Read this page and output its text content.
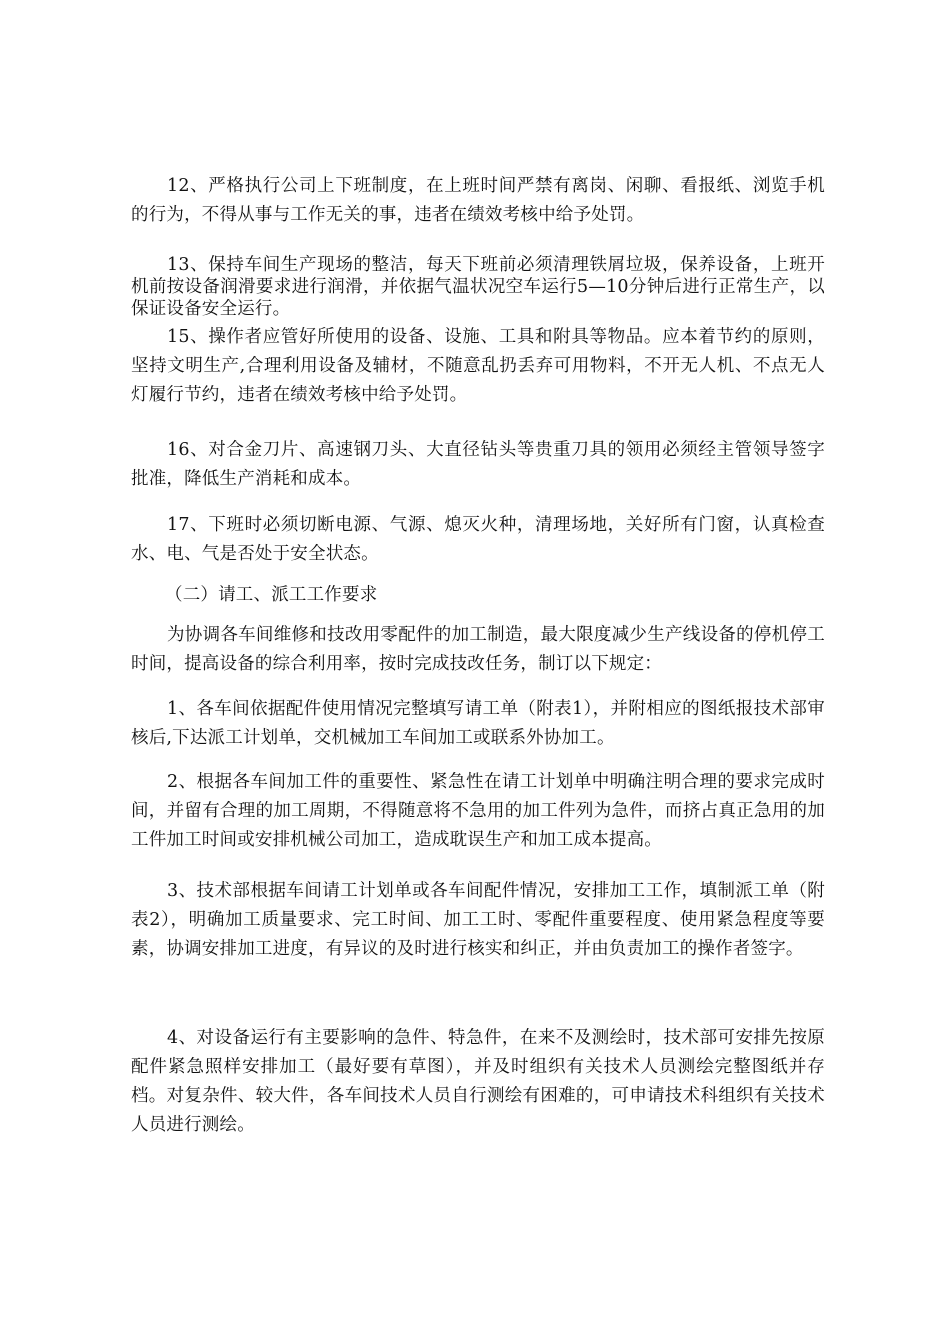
12、严格执行公司上下班制度，在上班时间严禁有离岗、闲聊、看报纸、浏览手机的行为，不得从事与工作无关的事，违者在绩效考核中给予处罚。

13、保持车间生产现场的整洁，每天下班前必须清理铁屑垃圾，保养设备，上班开机前按设备润滑要求进行润滑，并依据气温状况空车运行5—10分钟后进行正常生产，以保证设备安全运行。

15、操作者应管好所使用的设备、设施、工具和附具等物品。应本着节约的原则，坚持文明生产,合理利用设备及辅材，不随意乱扔丢弃可用物料，不开无人机、不点无人灯履行节约，违者在绩效考核中给予处罚。

16、对合金刀片、高速钢刀头、大直径钻头等贵重刀具的领用必须经主管领导签字批准，降低生产消耗和成本。

17、下班时必须切断电源、气源、熄灭火种，清理场地，关好所有门窗，认真检查水、电、气是否处于安全状态。

（二）请工、派工工作要求

为协调各车间维修和技改用零配件的加工制造，最大限度减少生产线设备的停机停工时间，提高设备的综合利用率，按时完成技改任务，制订以下规定：

1、各车间依据配件使用情况完整填写请工单（附表1），并附相应的图纸报技术部审核后,下达派工计划单，交机械加工车间加工或联系外协加工。

2、根据各车间加工件的重要性、紧急性在请工计划单中明确注明合理的要求完成时间，并留有合理的加工周期，不得随意将不急用的加工件列为急件，而挤占真正急用的加工件加工时间或安排机械公司加工，造成耽误生产和加工成本提高。

3、技术部根据车间请工计划单或各车间配件情况，安排加工工作，填制派工单（附表2），明确加工质量要求、完工时间、加工工时、零配件重要程度、使用紧急程度等要素，协调安排加工进度，有异议的及时进行核实和纠正，并由负责加工的操作者签字。

4、对设备运行有主要影响的急件、特急件，在来不及测绘时，技术部可安排先按原配件紧急照样安排加工（最好要有草图），并及时组织有关技术人员测绘完整图纸并存档。对复杂件、较大件，各车间技术人员自行测绘有困难的，可申请技术科组织有关技术人员进行测绘。
